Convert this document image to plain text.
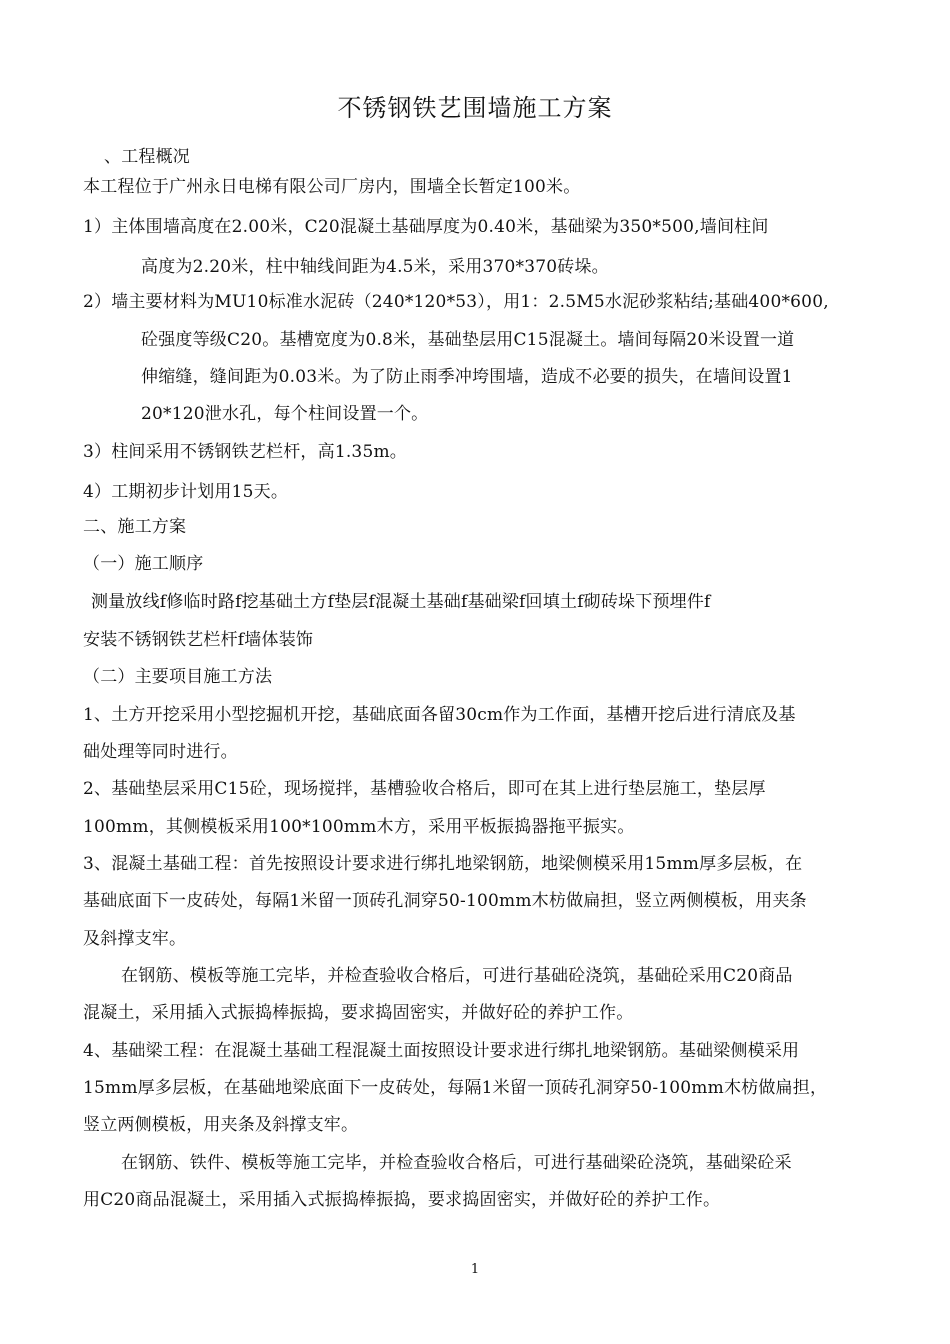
不锈钢铁艺围墙施工方案
、工程概况
本工程位于广州永日电梯有限公司厂房内，围墙全长暂定100米。
1）主体围墙高度在2.00米，C20混凝土基础厚度为0.40米，基础梁为350*500,墙间柱间
高度为2.20米，柱中轴线间距为4.5米，采用370*370砖垛。
2）墙主要材料为MU10标准水泥砖（240*120*53），用1：2.5M5水泥砂浆粘结;基础400*600,
砼强度等级C20。基槽宽度为0.8米，基础垫层用C15混凝土。墙间每隔20米设置一道
伸缩缝，缝间距为0.03米。为了防止雨季冲垮围墙，造成不必要的损失，在墙间设置1
20*120泄水孔，每个柱间设置一个。
3）柱间采用不锈钢铁艺栏杆，高1.35m。
4）工期初步计划用15天。
二、施工方案
（一）施工顺序
测量放线f修临时路f挖基础土方f垫层f混凝土基础f基础梁f回填土f砌砖垛下预埋件f
安装不锈钢铁艺栏杆f墙体装饰
（二）主要项目施工方法
1、土方开挖采用小型挖掘机开挖，基础底面各留30cm作为工作面，基槽开挖后进行清底及基
础处理等同时进行。
2、基础垫层采用C15砼，现场搅拌，基槽验收合格后，即可在其上进行垫层施工，垫层厚
100mm，其侧模板采用100*100mm木方，采用平板振捣器拖平振实。
3、混凝土基础工程：首先按照设计要求进行绑扎地梁钢筋，地梁侧模采用15mm厚多层板，在
基础底面下一皮砖处，每隔1米留一顶砖孔洞穿50-100mm木枋做扁担，竖立两侧模板，用夹条
及斜撑支牢。
在钢筋、模板等施工完毕，并检查验收合格后，可进行基础砼浇筑，基础砼采用C20商品
混凝土，采用插入式振捣棒振捣，要求捣固密实，并做好砼的养护工作。
4、基础梁工程：在混凝土基础工程混凝土面按照设计要求进行绑扎地梁钢筋。基础梁侧模采用
15mm厚多层板，在基础地梁底面下一皮砖处，每隔1米留一顶砖孔洞穿50-100mm木枋做扁担，
竖立两侧模板，用夹条及斜撑支牢。
在钢筋、铁件、模板等施工完毕，并检查验收合格后，可进行基础梁砼浇筑，基础梁砼采
用C20商品混凝土，采用插入式振捣棒振捣，要求捣固密实，并做好砼的养护工作。
1
